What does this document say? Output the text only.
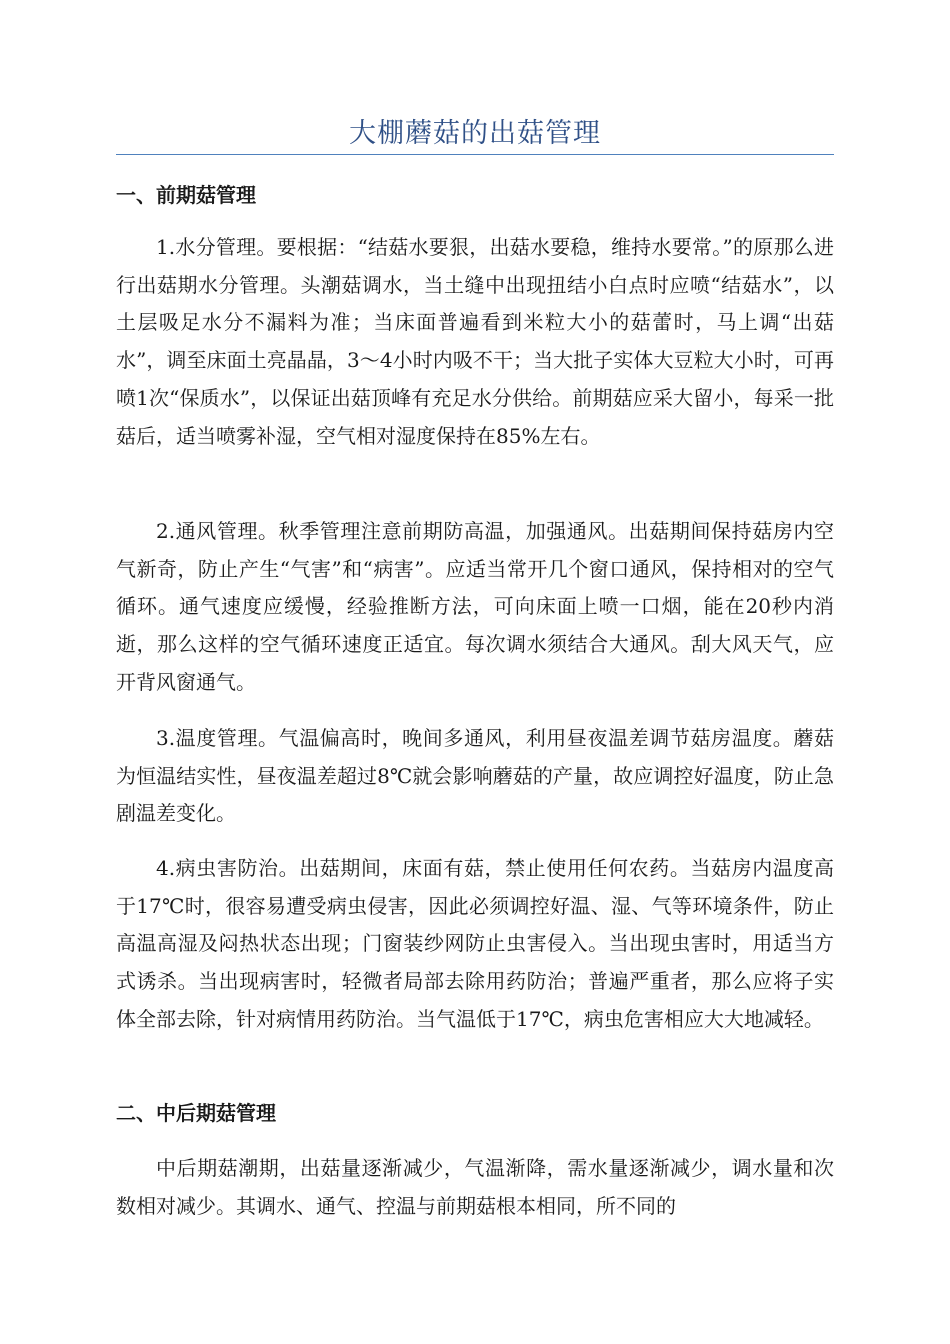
大棚蘑菇的出菇管理
一、前期菇管理
1.水分管理。要根据：“结菇水要狠，出菇水要稳，维持水要常。”的原那么进行出菇期水分管理。头潮菇调水，当土缝中出现扭结小白点时应喷“结菇水”，以土层吸足水分不漏料为准；当床面普遍看到米粒大小的菇蕾时，马上调“出菇水”，调至床面土亮晶晶，3～4小时内吸不干；当大批子实体大豆粒大小时，可再喷1次“保质水”，以保证出菇顶峰有充足水分供给。前期菇应采大留小，每采一批菇后，适当喷雾补湿，空气相对湿度保持在85%左右。
2.通风管理。秋季管理注意前期防高温，加强通风。出菇期间保持菇房内空气新奇，防止产生“气害”和“病害”。应适当常开几个窗口通风，保持相对的空气循环。通气速度应缓慢，经验推断方法，可向床面上喷一口烟，能在20秒内消逝，那么这样的空气循环速度正适宜。每次调水须结合大通风。刮大风天气，应开背风窗通气。
3.温度管理。气温偏高时，晚间多通风，利用昼夜温差调节菇房温度。蘑菇为恒温结实性，昼夜温差超过8℃就会影响蘑菇的产量，故应调控好温度，防止急剧温差变化。
4.病虫害防治。出菇期间，床面有菇，禁止使用任何农药。当菇房内温度高于17℃时，很容易遭受病虫侵害，因此必须调控好温、湿、气等环境条件，防止高温高湿及闷热状态出现；门窗装纱网防止虫害侵入。当出现虫害时，用适当方式诱杀。当出现病害时，轻微者局部去除用药防治；普遍严重者，那么应将子实体全部去除，针对病情用药防治。当气温低于17℃，病虫危害相应大大地减轻。
二、中后期菇管理
中后期菇潮期，出菇量逐渐减少，气温渐降，需水量逐渐减少，调水量和次数相对减少。其调水、通气、控温与前期菇根本相同，所不同的
